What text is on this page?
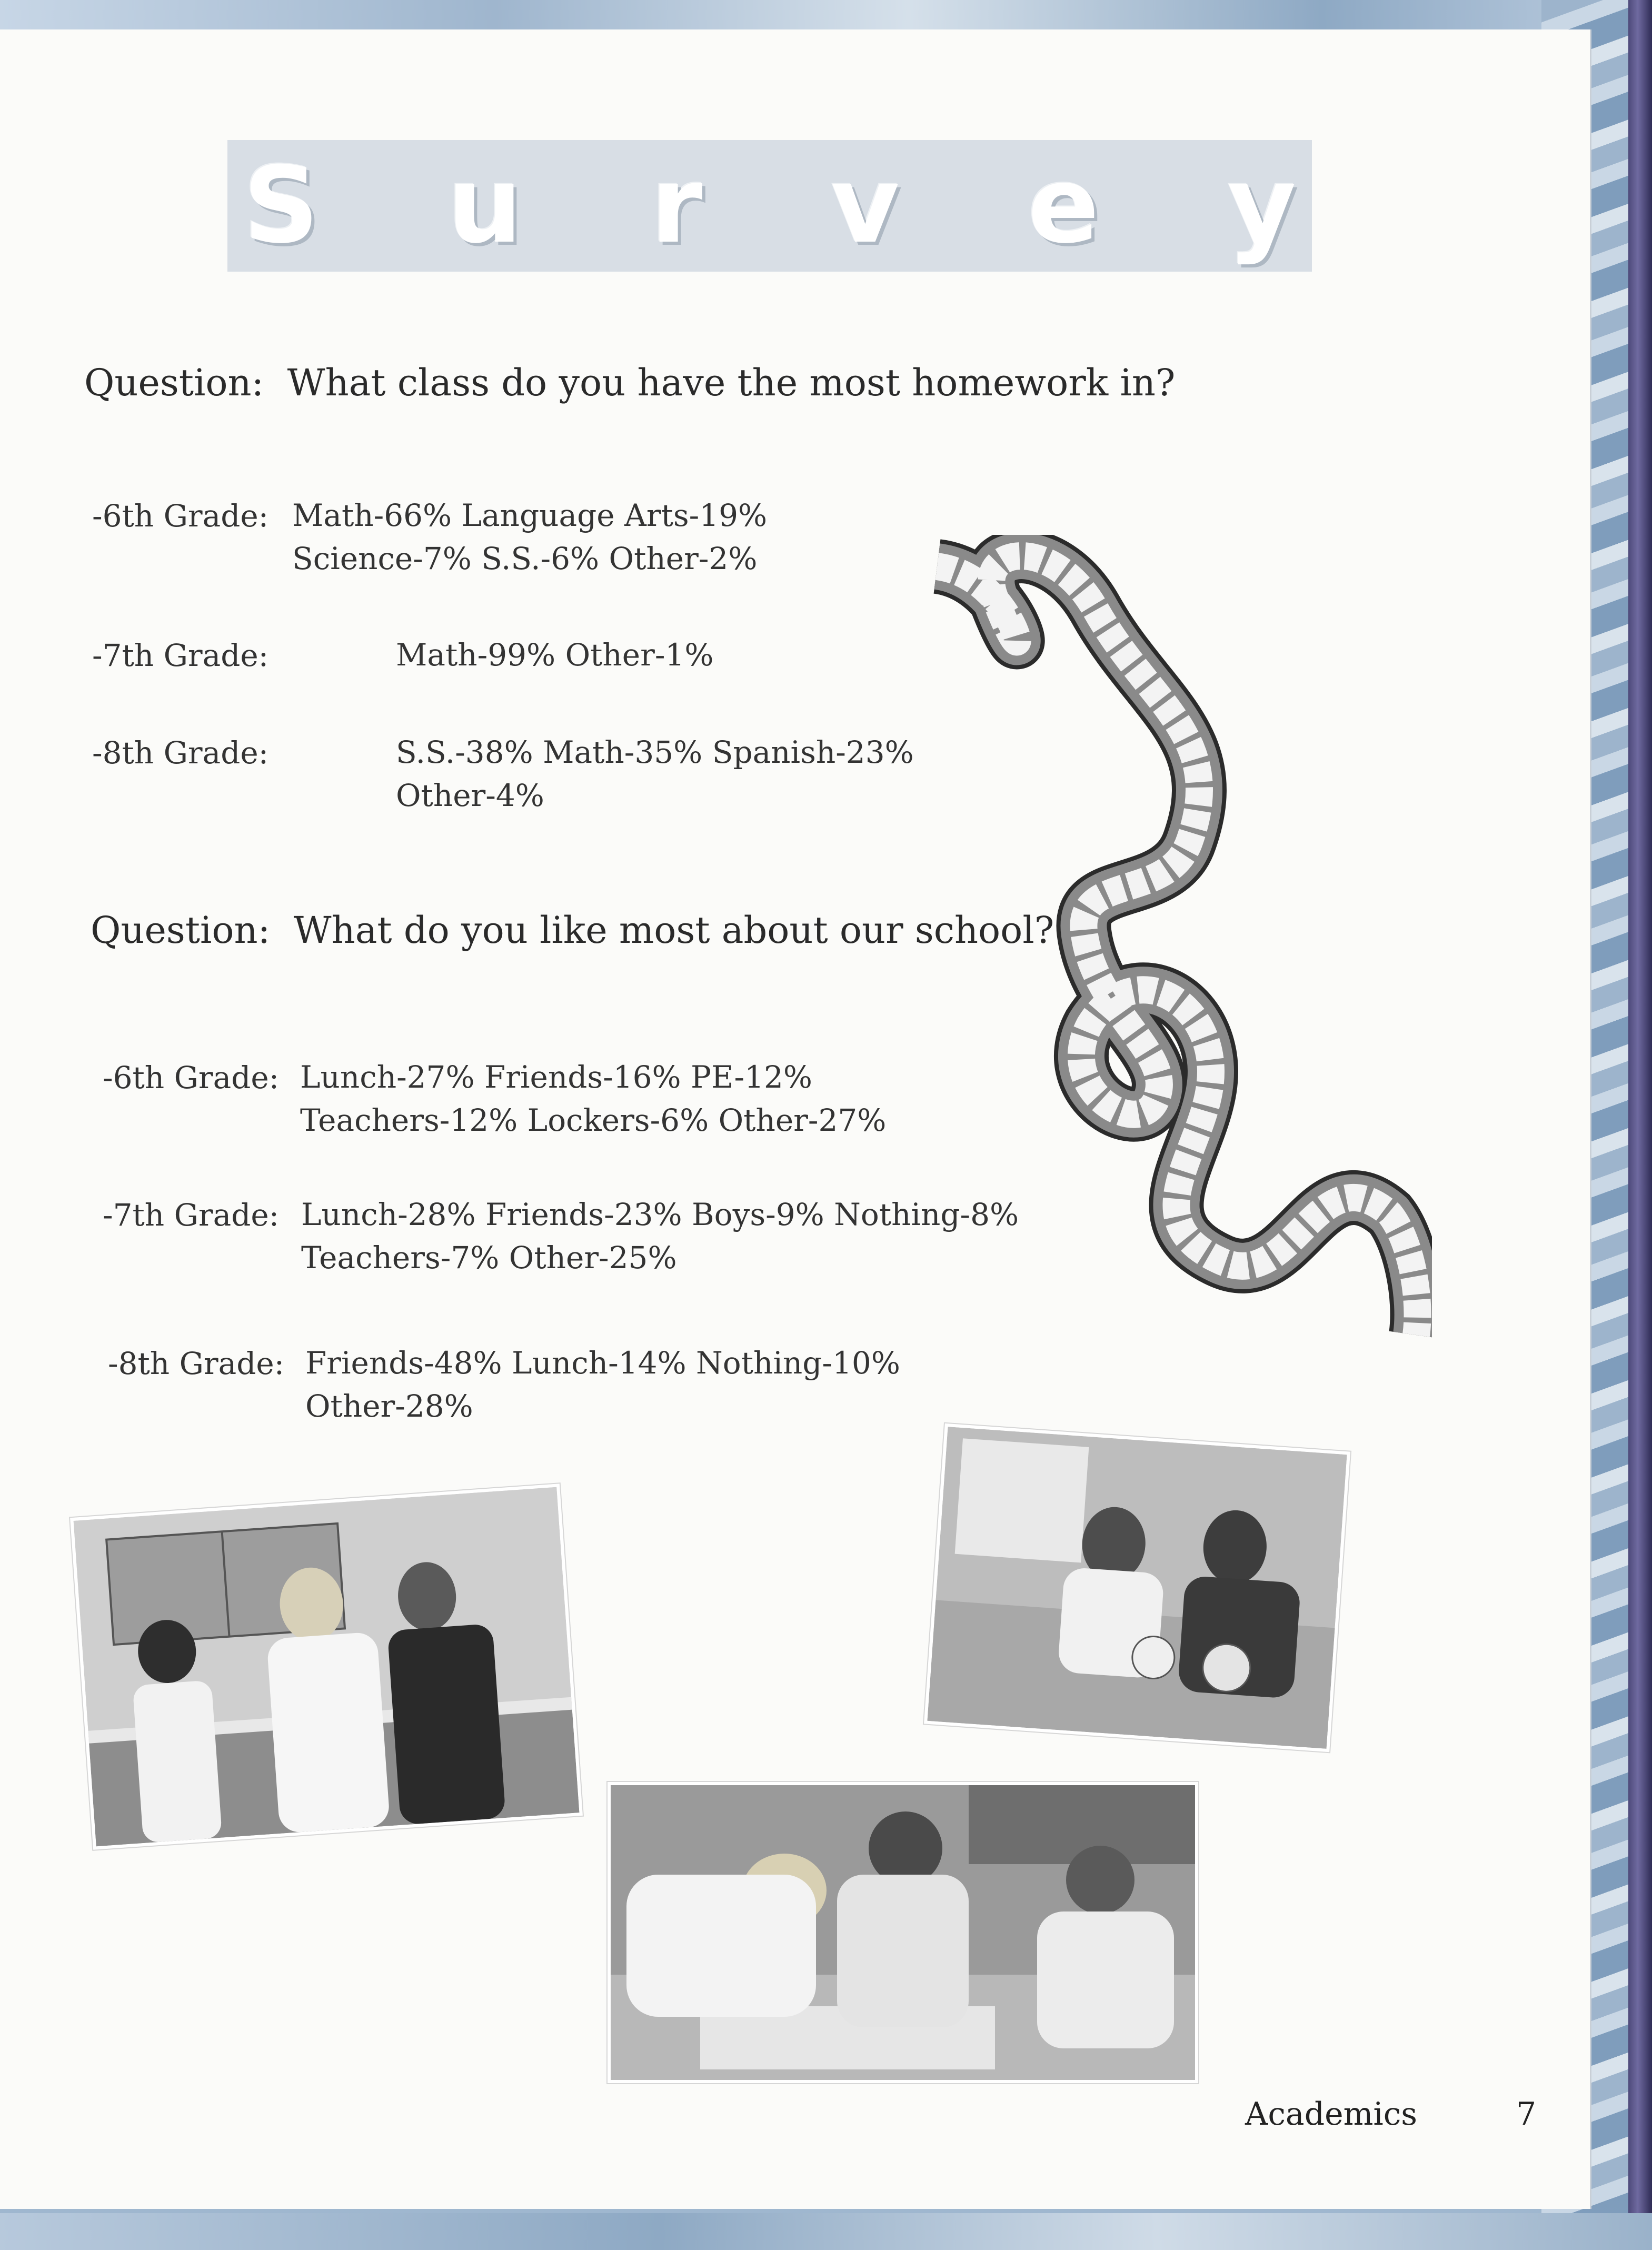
S u r v e y
Question: What class do you have the most homework in?
-6th Grade: Math-66% Language Arts-19%
Science-7% S.S.-6% Other-2%
-7th Grade:	Math-99% Other-1%
-8th Grade:	S.S.-38% Math-35% Spanish-23%
Other-4%
Question: What do you like most about our school?
-6th Grade: Lunch-27% Friends-16% PE-12%
Teachers-12% Lockers-6% Other-27%
-7th Grade: Lunch-28% Friends-23% Boys-9% Nothing-8%
Teachers-7% Other-25%
-8th Grade: Friends-48% Lunch-14% Nothing-10%
Other-28%
Academics	7
